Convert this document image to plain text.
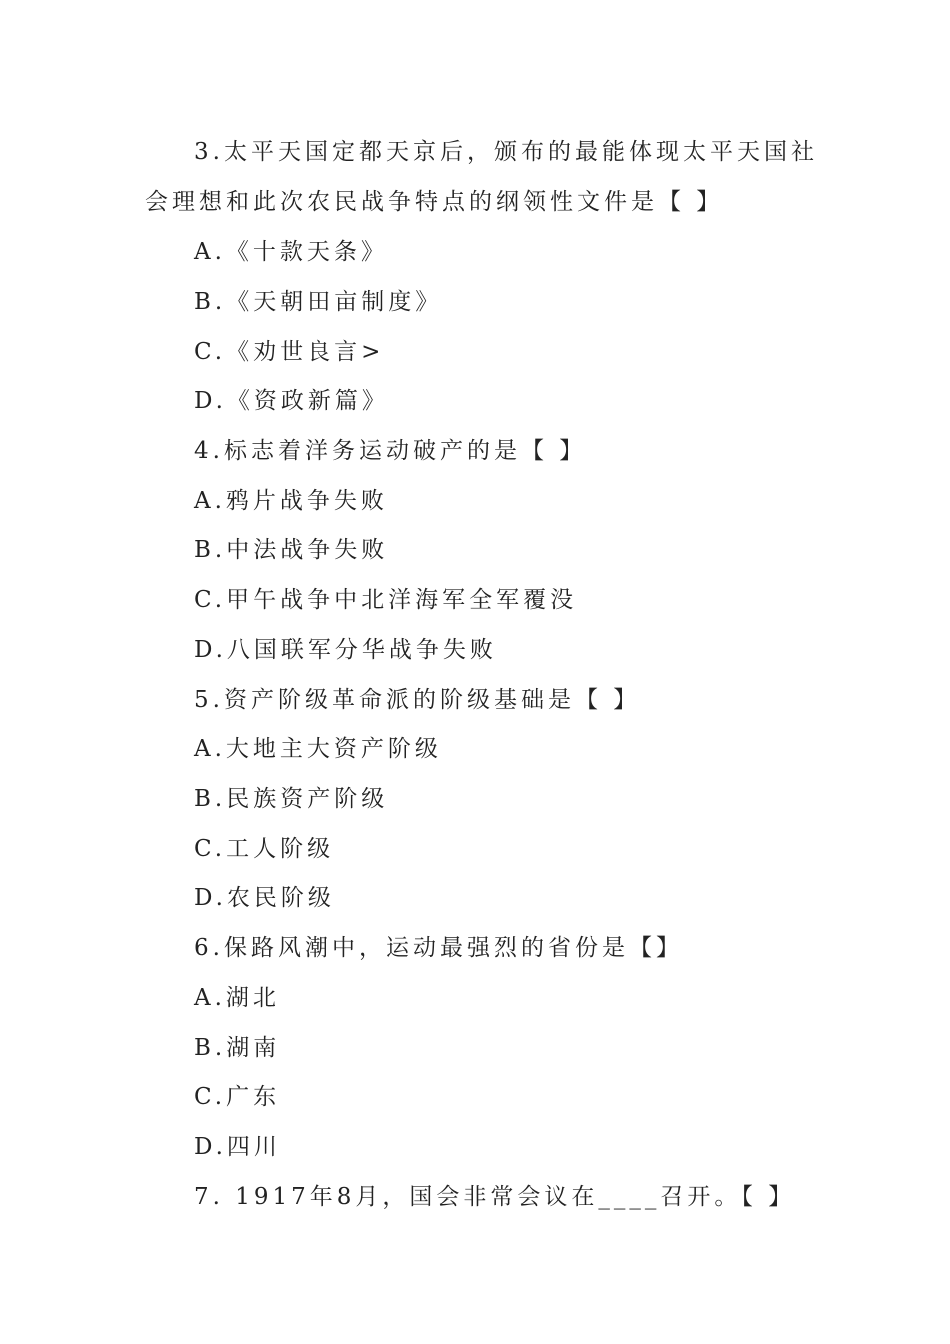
3.太平天国定都天京后，颁布的最能体现太平天国社
会理想和此次农民战争特点的纲领性文件是【 】
A.《十款天条》
B.《天朝田亩制度》
C.《劝世良言>
D.《资政新篇》
4.标志着洋务运动破产的是【 】
A.鸦片战争失败
B.中法战争失败
C.甲午战争中北洋海军全军覆没
D.八国联军分华战争失败
5.资产阶级革命派的阶级基础是【 】
A.大地主大资产阶级
B.民族资产阶级
C.工人阶级
D.农民阶级
6.保路风潮中，运动最强烈的省份是【】
A.湖北
B.湖南
C.广东
D.四川
7. 1917年8月，国会非常会议在____召开。【 】
